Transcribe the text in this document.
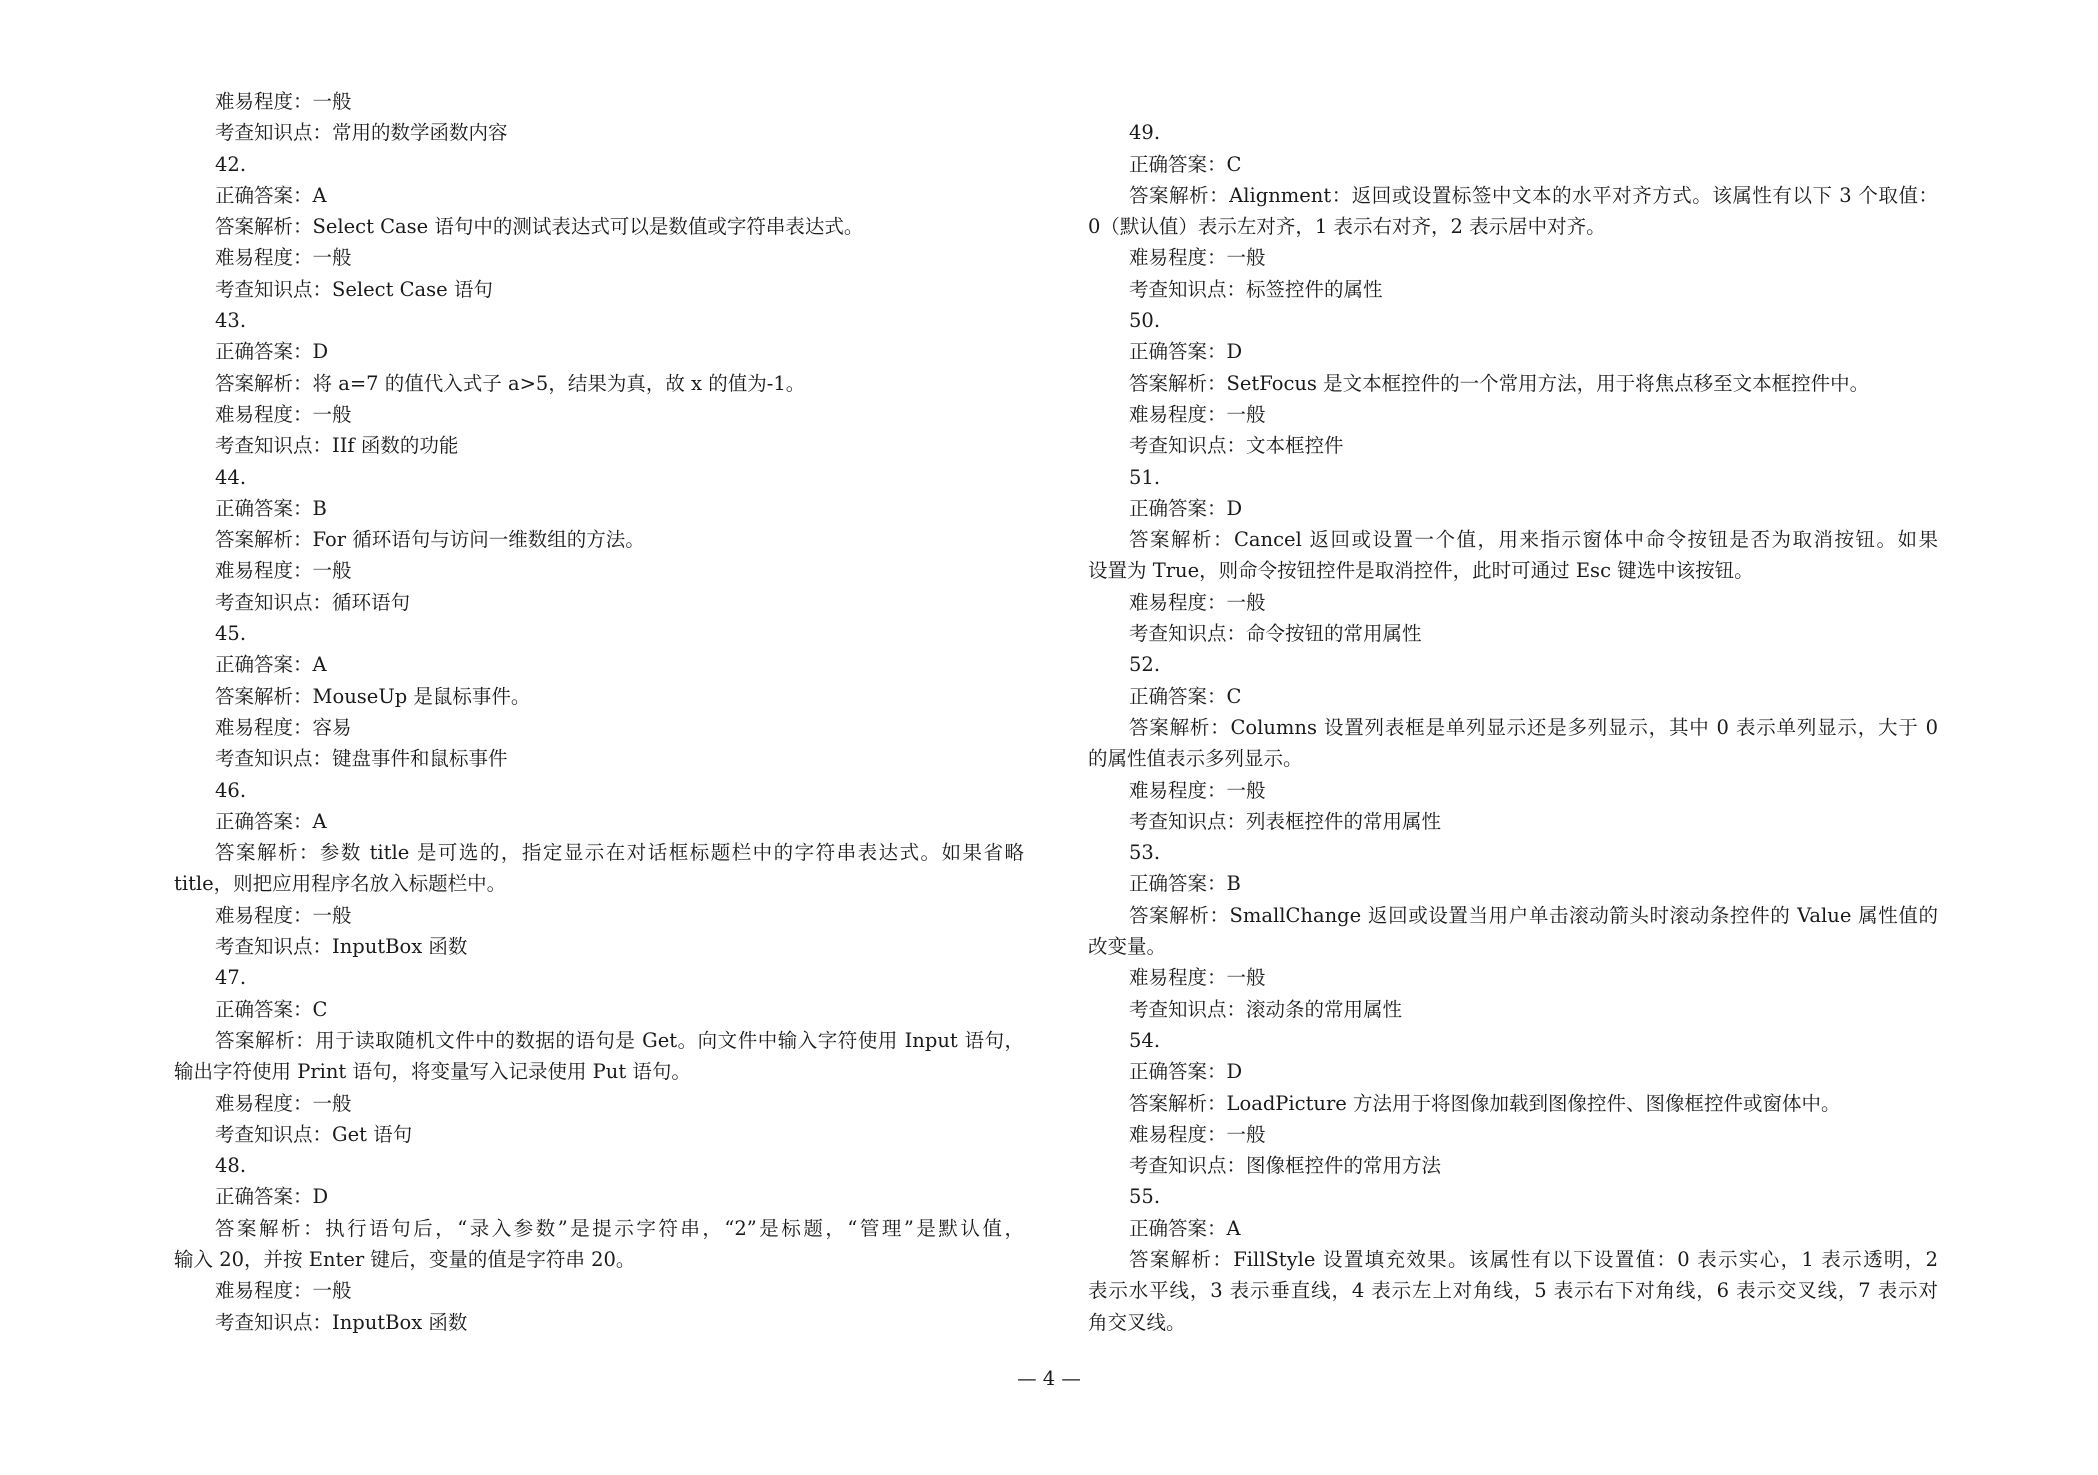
难易程度：一般
考查知识点：常用的数学函数内容
42.
正确答案：A
答案解析：Select Case 语句中的测试表达式可以是数值或字符串表达式。
难易程度：一般
考查知识点：Select Case 语句
43.
正确答案：D
答案解析：将 a=7 的值代入式子 a>5，结果为真，故 x 的值为-1。
难易程度：一般
考查知识点：IIf 函数的功能
44.
正确答案：B
答案解析：For 循环语句与访问一维数组的方法。
难易程度：一般
考查知识点：循环语句
45.
正确答案：A
答案解析：MouseUp 是鼠标事件。
难易程度：容易
考查知识点：键盘事件和鼠标事件
46.
正确答案：A
答案解析：参数 title 是可选的，指定显示在对话框标题栏中的字符串表达式。如果省略
title，则把应用程序名放入标题栏中。
难易程度：一般
考查知识点：InputBox 函数
47.
正确答案：C
答案解析：用于读取随机文件中的数据的语句是 Get。向文件中输入字符使用 Input 语句，
输出字符使用 Print 语句，将变量写入记录使用 Put 语句。
难易程度：一般
考查知识点：Get 语句
48.
正确答案：D
答案解析：执行语句后，“录入参数”是提示字符串，“2”是标题，“管理”是默认值，
输入 20，并按 Enter 键后，变量的值是字符串 20。
难易程度：一般
考查知识点：InputBox 函数
49.
正确答案：C
答案解析：Alignment：返回或设置标签中文本的水平对齐方式。该属性有以下 3 个取值：
0（默认值）表示左对齐，1 表示右对齐，2 表示居中对齐。
难易程度：一般
考查知识点：标签控件的属性
50.
正确答案：D
答案解析：SetFocus 是文本框控件的一个常用方法，用于将焦点移至文本框控件中。
难易程度：一般
考查知识点：文本框控件
51.
正确答案：D
答案解析：Cancel 返回或设置一个值，用来指示窗体中命令按钮是否为取消按钮。如果
设置为 True，则命令按钮控件是取消控件，此时可通过 Esc 键选中该按钮。
难易程度：一般
考查知识点：命令按钮的常用属性
52.
正确答案：C
答案解析：Columns 设置列表框是单列显示还是多列显示，其中 0 表示单列显示，大于 0
的属性值表示多列显示。
难易程度：一般
考查知识点：列表框控件的常用属性
53.
正确答案：B
答案解析：SmallChange 返回或设置当用户单击滚动箭头时滚动条控件的 Value 属性值的
改变量。
难易程度：一般
考查知识点：滚动条的常用属性
54.
正确答案：D
答案解析：LoadPicture 方法用于将图像加载到图像控件、图像框控件或窗体中。
难易程度：一般
考查知识点：图像框控件的常用方法
55.
正确答案：A
答案解析：FillStyle 设置填充效果。该属性有以下设置值：0 表示实心，1 表示透明，2
表示水平线，3 表示垂直线，4 表示左上对角线，5 表示右下对角线，6 表示交叉线，7 表示对
角交叉线。
— 4 —
